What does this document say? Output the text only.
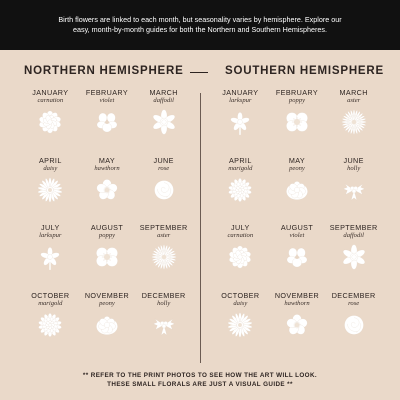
Birth flowers are linked to each month, but seasonality varies by hemisphere. Explore our easy, month-by-month guides for both the Northern and Southern Hemispheres.
NORTHERN HEMISPHERE	SOUTHERN HEMISPHERE
JANUARY
carnation
FEBRUARY
violet
MARCH
daffodil
APRIL
daisy
MAY
hawthorn
JUNE
rose
JULY
larkspur
AUGUST
poppy
SEPTEMBER
aster
OCTOBER
marigold
NOVEMBER
peony
DECEMBER
holly
JANUARY
larkspur
FEBRUARY
poppy
MARCH
aster
APRIL
marigold
MAY
peony
JUNE
holly
JULY
carnation
AUGUST
violet
SEPTEMBER
daffodil
OCTOBER
daisy
NOVEMBER
hawthorn
DECEMBER
rose
** REFER TO THE PRINT PHOTOS TO SEE HOW THE ART WILL LOOK.
THESE SMALL FLORALS ARE JUST A VISUAL GUIDE **
